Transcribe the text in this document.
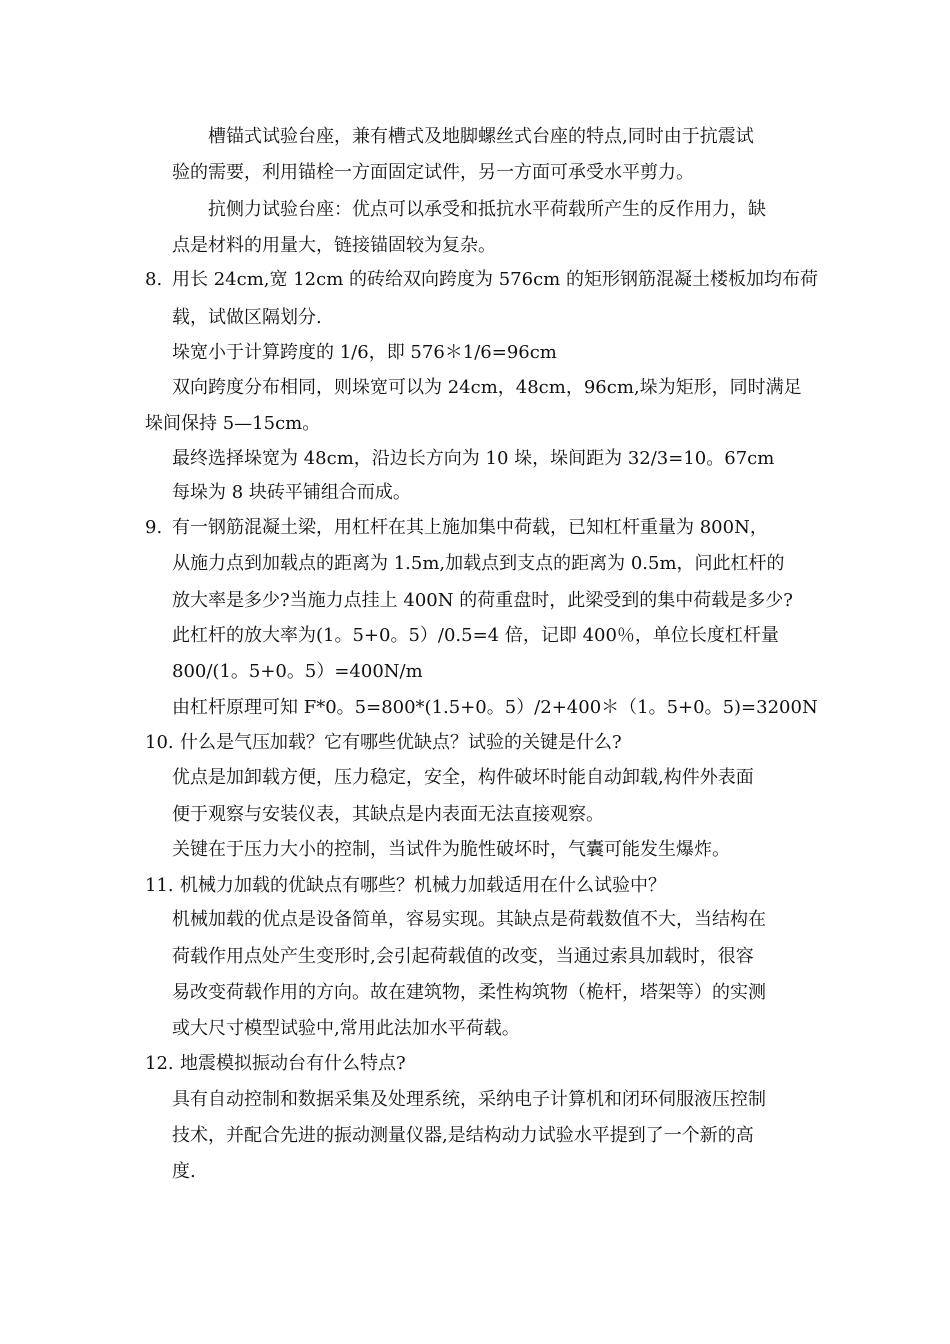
槽锚式试验台座，兼有槽式及地脚螺丝式台座的特点,同时由于抗震试
验的需要，利用锚栓一方面固定试件，另一方面可承受水平剪力。
抗侧力试验台座：优点可以承受和抵抗水平荷载所产生的反作用力，缺
点是材料的用量大，链接锚固较为复杂。
8. 用长 24cm,宽 12cm 的砖给双向跨度为 576cm 的矩形钢筋混凝土楼板加均布荷
载，试做区隔划分.
垛宽小于计算跨度的 1/6，即 576＊1/6=96cm
双向跨度分布相同，则垛宽可以为 24cm，48cm，96cm,垛为矩形，同时满足
垛间保持 5—15cm。
最终选择垛宽为 48cm，沿边长方向为 10 垛，垛间距为 32/3=10。67cm
每垛为 8 块砖平铺组合而成。
9. 有一钢筋混凝土梁，用杠杆在其上施加集中荷载，已知杠杆重量为 800N，
从施力点到加载点的距离为 1.5m,加载点到支点的距离为 0.5m，问此杠杆的
放大率是多少?当施力点挂上 400N 的荷重盘时，此梁受到的集中荷载是多少?
此杠杆的放大率为(1。5+0。5）/0.5=4 倍，记即 400％，单位长度杠杆量
800/(1。5+0。5）=400N/m
由杠杆原理可知 F*0。5=800*(1.5+0。5）/2+400＊（1。5+0。5)=3200N
10. 什么是气压加载？它有哪些优缺点？试验的关键是什么?
优点是加卸载方便，压力稳定，安全，构件破坏时能自动卸载,构件外表面
便于观察与安装仪表，其缺点是内表面无法直接观察。
关键在于压力大小的控制，当试件为脆性破坏时，气囊可能发生爆炸。
11. 机械力加载的优缺点有哪些？机械力加载适用在什么试验中？
机械加载的优点是设备简单，容易实现。其缺点是荷载数值不大，当结构在
荷载作用点处产生变形时,会引起荷载值的改变，当通过索具加载时，很容
易改变荷载作用的方向。故在建筑物，柔性构筑物（桅杆，塔架等）的实测
或大尺寸模型试验中,常用此法加水平荷载。
12. 地震模拟振动台有什么特点?
具有自动控制和数据采集及处理系统，采纳电子计算机和闭环伺服液压控制
技术，并配合先进的振动测量仪器,是结构动力试验水平提到了一个新的高
度.
